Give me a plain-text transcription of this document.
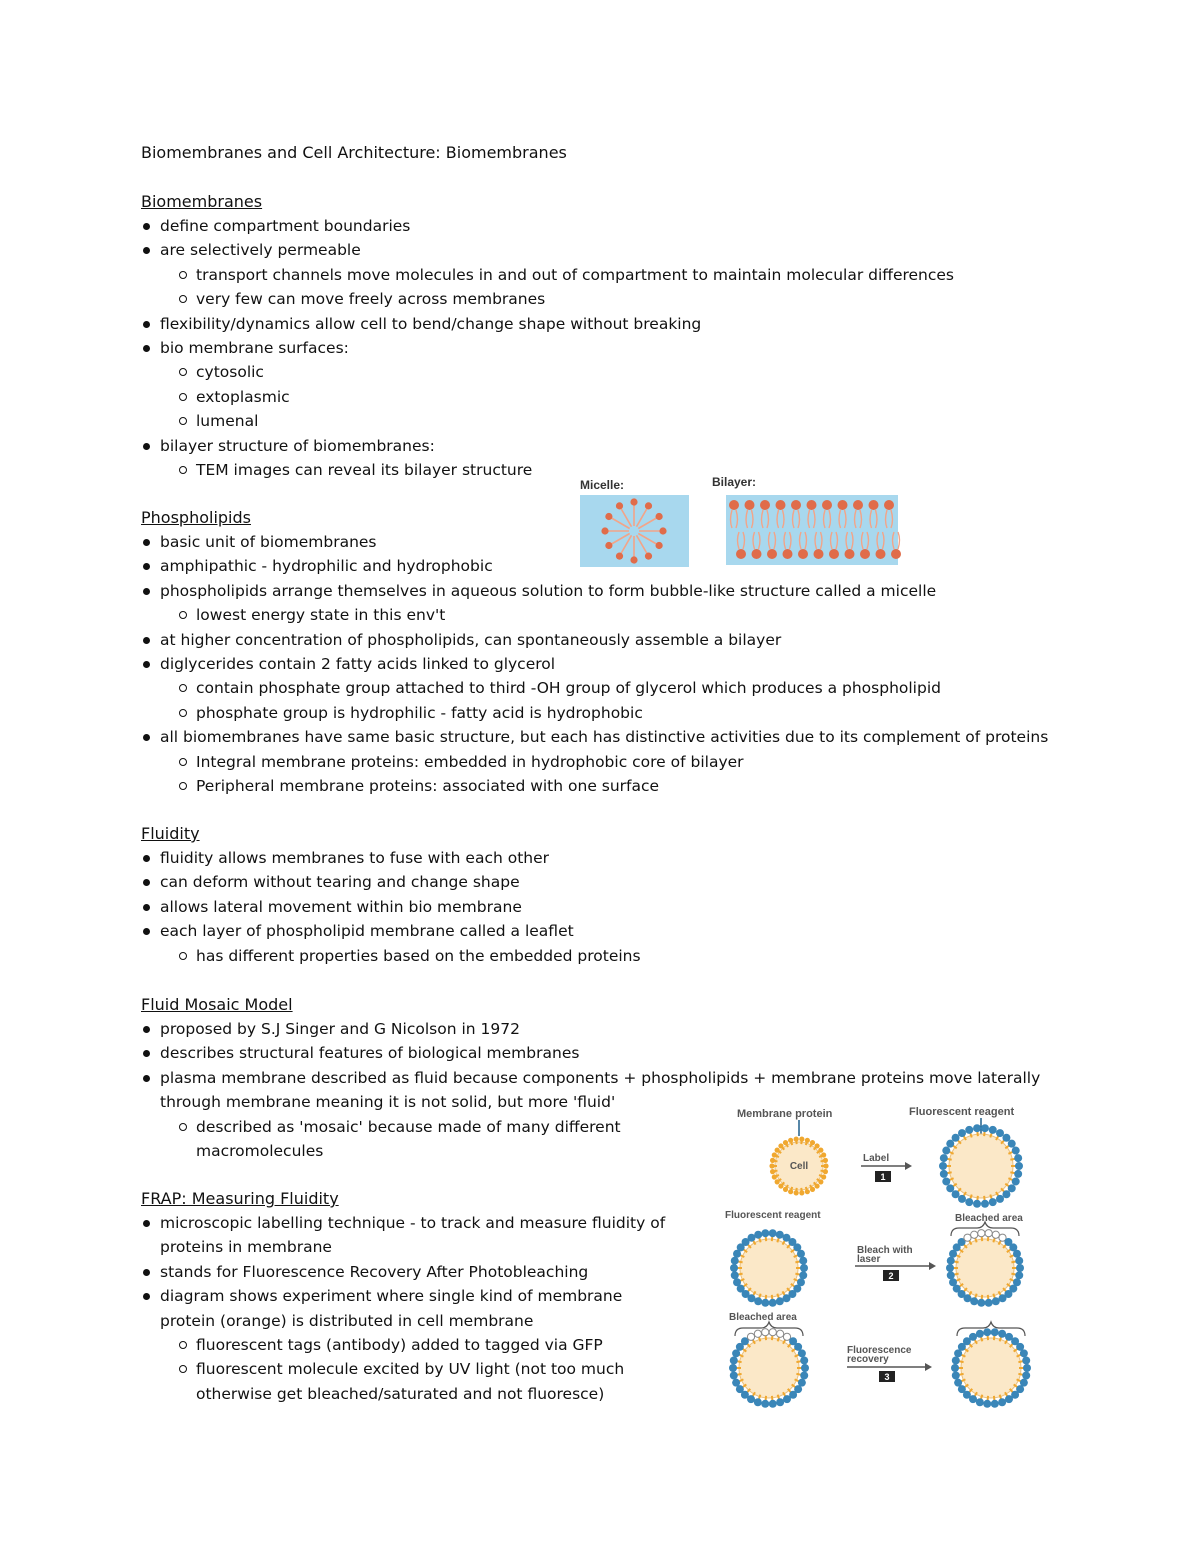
Biomembranes and Cell Architecture: Biomembranes
Biomembranes
define compartment boundaries
are selectively permeable
transport channels move molecules in and out of compartment to maintain molecular differences
very few can move freely across membranes
flexibility/dynamics allow cell to bend/change shape without breaking
bio membrane surfaces:
cytosolic
extoplasmic
lumenal
bilayer structure of biomembranes:
TEM images can reveal its bilayer structure
Phospholipids
basic unit of biomembranes
amphipathic - hydrophilic and hydrophobic
phospholipids arrange themselves in aqueous solution to form bubble-like structure called a micelle
lowest energy state in this env't
at higher concentration of phospholipids, can spontaneously assemble a bilayer
diglycerides contain 2 fatty acids linked to glycerol
contain phosphate group attached to third -OH group of glycerol which produces a phospholipid
phosphate group is hydrophilic - fatty acid is hydrophobic
all biomembranes have same basic structure, but each has distinctive activities due to its complement of proteins
Integral membrane proteins: embedded in hydrophobic core of bilayer
Peripheral membrane proteins: associated with one surface
Fluidity
fluidity allows membranes to fuse with each other
can deform without tearing and change shape
allows lateral movement within bio membrane
each layer of phospholipid membrane called a leaflet
has different properties based on the embedded proteins
Fluid Mosaic Model
proposed by S.J Singer and G Nicolson in 1972
describes structural features of biological membranes
plasma membrane described as fluid because components + phospholipids + membrane proteins move laterally through membrane meaning it is not solid, but more 'fluid'
described as 'mosaic' because made of many different macromolecules
FRAP: Measuring Fluidity
microscopic labelling technique - to track and measure fluidity of proteins in membrane
stands for Fluorescence Recovery After Photobleaching
diagram shows experiment where single kind of membrane protein (orange) is distributed in cell membrane
fluorescent tags (antibody) added to tagged via GFP
fluorescent molecule excited by UV light (not too much otherwise get bleached/saturated and not fluoresce)
Micelle:	Bilayer:
Membrane protein	Fluorescent reagent
Cell
Label
1
Fluorescent reagent	Bleached area
Bleach with
laser
2
Bleached area
Fluorescence
recovery
3
